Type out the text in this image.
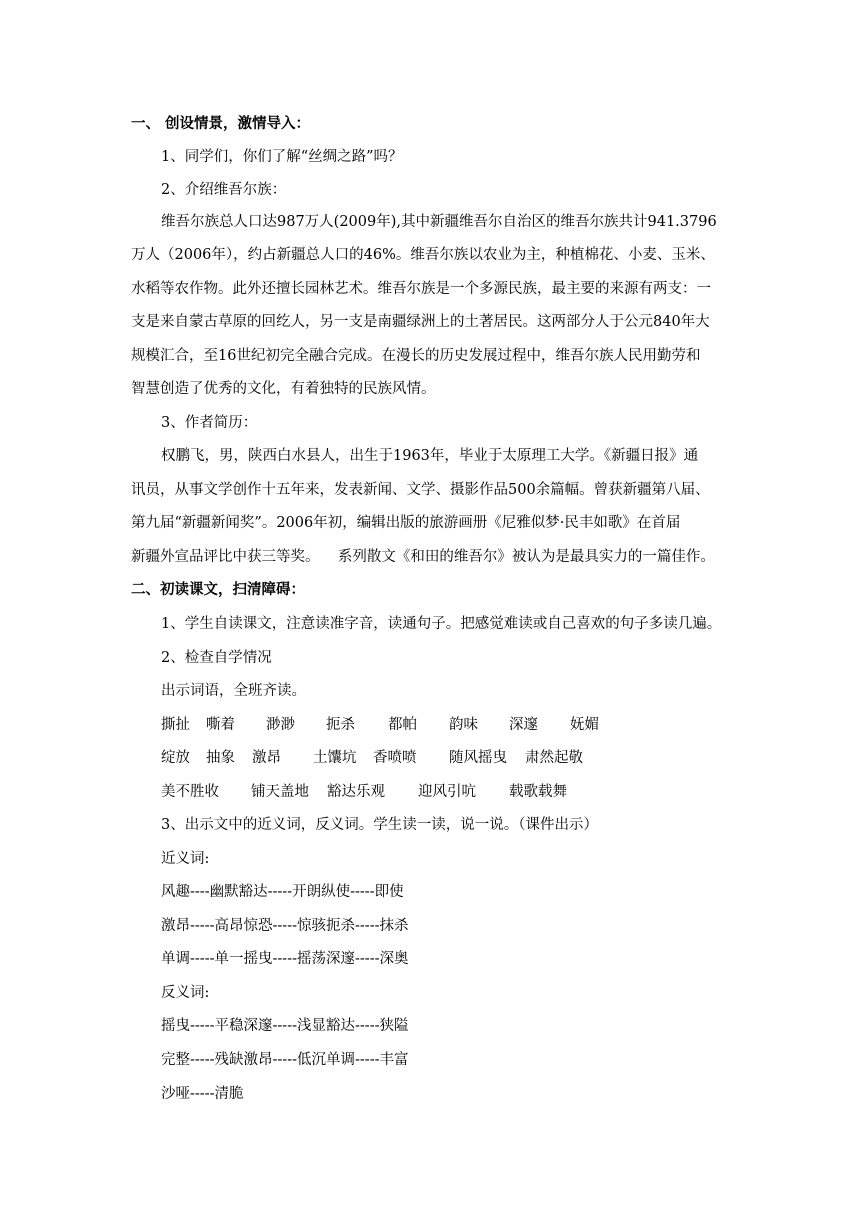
一、 创设情景，激情导入：
1、同学们，你们了解“丝绸之路”吗？
2、介绍维吾尔族：
维吾尔族总人口达987万人(2009年),其中新疆维吾尔自治区的维吾尔族共计941.3796
万人（2006年），约占新疆总人口的46%。维吾尔族以农业为主，种植棉花、小麦、玉米、
水稻等农作物。此外还擅长园林艺术。维吾尔族是一个多源民族，最主要的来源有两支：一
支是来自蒙古草原的回纥人，另一支是南疆绿洲上的土著居民。这两部分人于公元840年大
规模汇合，至16世纪初完全融合完成。在漫长的历史发展过程中，维吾尔族人民用勤劳和
智慧创造了优秀的文化，有着独特的民族风情。
3、作者简历：
权鹏飞，男，陕西白水县人，出生于1963年，毕业于太原理工大学。《新疆日报》通
讯员，从事文学创作十五年来，发表新闻、文学、摄影作品500余篇幅。曾获新疆第八届、
第九届“新疆新闻奖”。2006年初，编辑出版的旅游画册《尼雅似梦·民丰如歌》在首届
新疆外宣品评比中获三等奖。    系列散文《和田的维吾尔》被认为是最具实力的一篇佳作。
二、初读课文，扫清障碍：
1、学生自读课文，注意读准字音，读通句子。把感觉难读或自己喜欢的句子多读几遍。
2、检查自学情况
出示词语，全班齐读。
撕扯 嘶着 渺渺 扼杀 都帕 韵味 深邃 妩媚
绽放 抽象 激昂 土馕坑 香喷喷 随风摇曳 肃然起敬
美不胜收 铺天盖地 豁达乐观 迎风引吭 载歌载舞
3、出示文中的近义词，反义词。学生读一读，说一说。（课件出示）
近义词:
风趣----幽默豁达-----开朗纵使-----即使
激昂-----高昂惊恐-----惊骇扼杀-----抹杀
单调-----单一摇曳-----摇荡深邃-----深奥
反义词:
摇曳-----平稳深邃-----浅显豁达-----狭隘
完整-----残缺激昂-----低沉单调-----丰富
沙哑-----清脆
